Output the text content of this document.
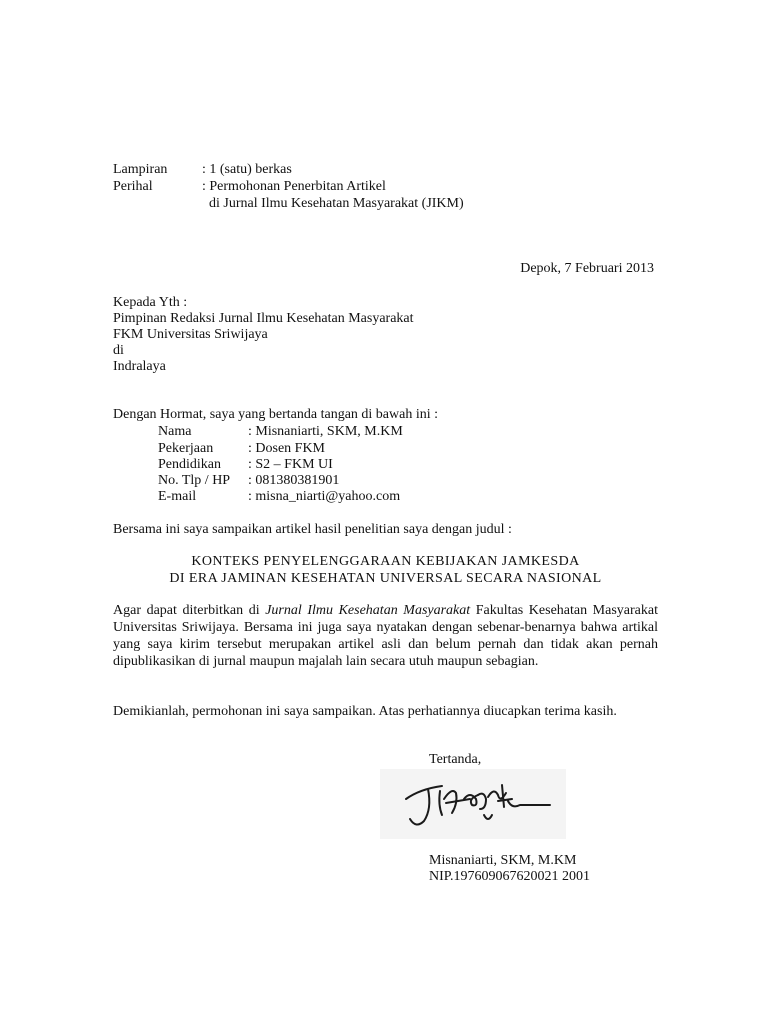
Lampiran : 1 (satu) berkas
Perihal	: Permohonan Penerbitan Artikel
di Jurnal Ilmu Kesehatan Masyarakat (JIKM)
Depok, 7 Februari 2013
Kepada Yth :
Pimpinan Redaksi Jurnal Ilmu Kesehatan Masyarakat
FKM Universitas Sriwijaya
di
Indralaya
Dengan Hormat, saya yang bertanda tangan di bawah ini :
Nama	: Misnaniarti, SKM, M.KM
Pekerjaan : Dosen FKM
Pendidikan : S2 – FKM UI
No. Tlp / HP : 081380381901
E-mail	: misna_niarti@yahoo.com
Bersama ini saya sampaikan artikel hasil penelitian saya dengan judul :
KONTEKS PENYELENGGARAAN KEBIJAKAN JAMKESDA
DI ERA JAMINAN KESEHATAN UNIVERSAL SECARA NASIONAL

Agar dapat diterbitkan di Jurnal Ilmu Kesehatan Masyarakat Fakultas Kesehatan Masyarakat Universitas Sriwijaya. Bersama ini juga saya nyatakan dengan sebenar-benarnya bahwa artikal yang saya kirim tersebut merupakan artikel asli dan belum pernah dan tidak akan pernah dipublikasikan di jurnal maupun majalah lain secara utuh maupun sebagian.

Demikianlah, permohonan ini saya sampaikan. Atas perhatiannya diucapkan terima kasih.
Tertanda,
Misnaniarti, SKM, M.KM
NIP.197609067620021 2001
